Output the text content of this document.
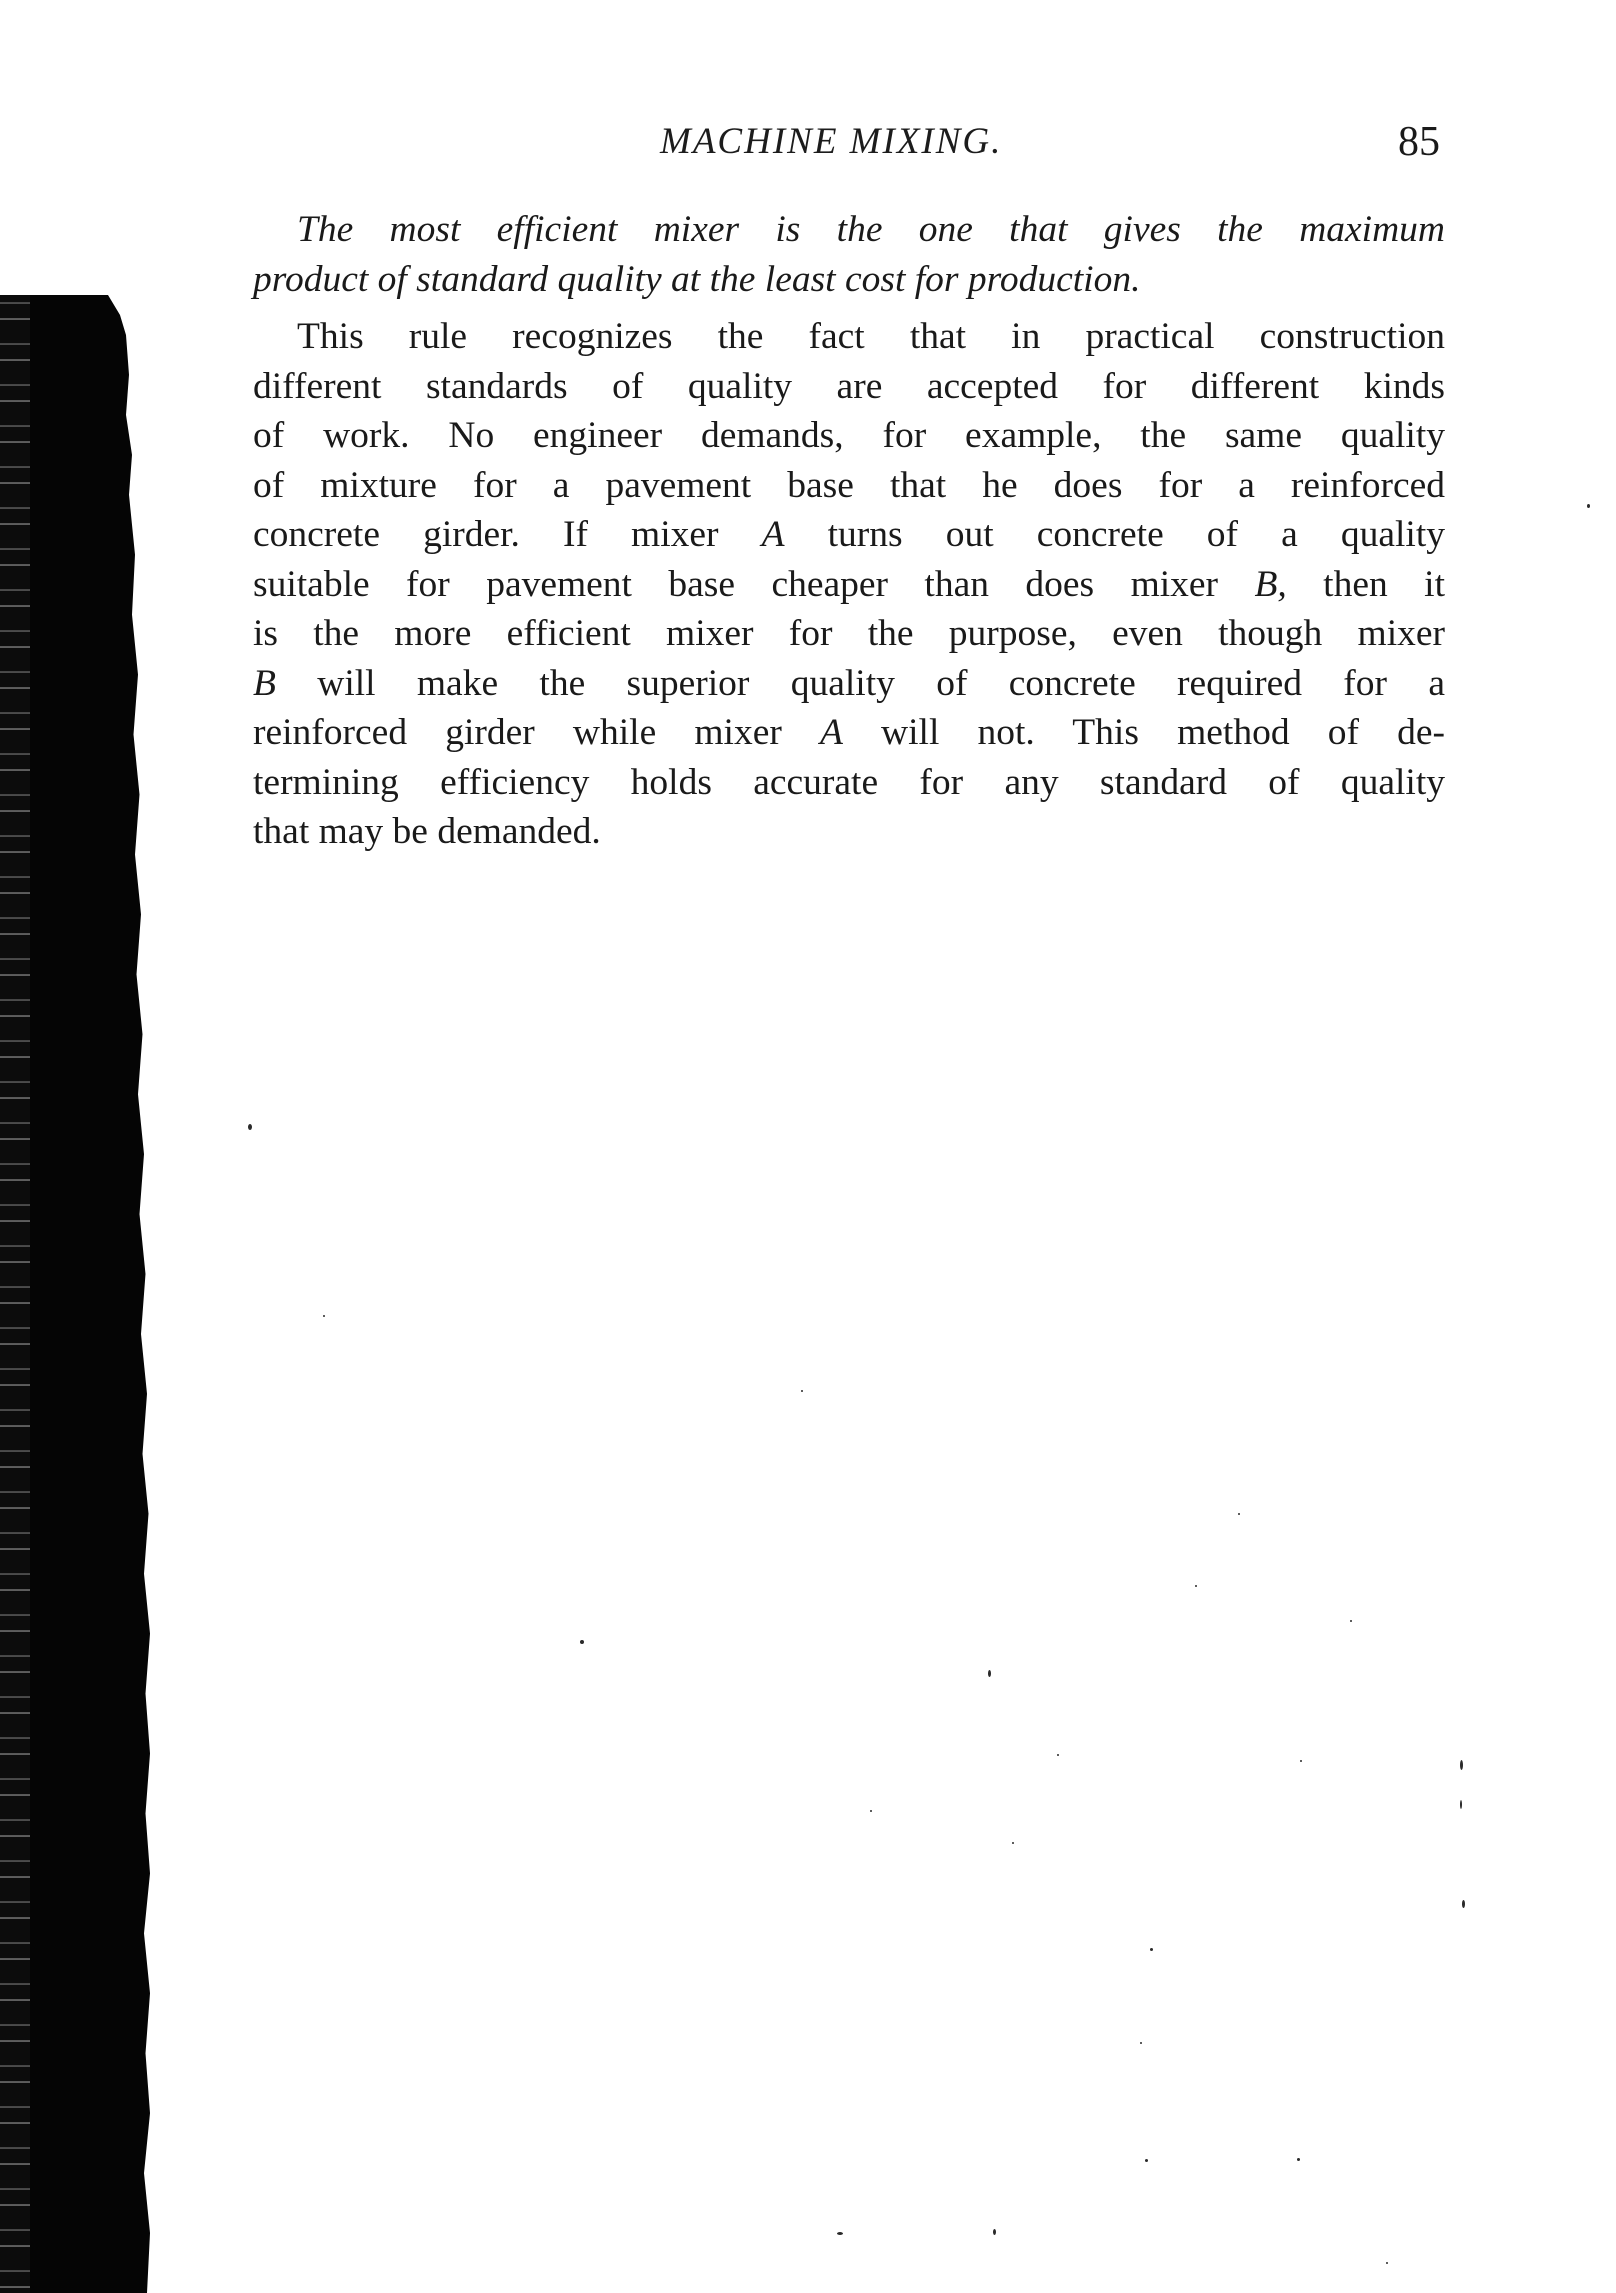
MACHINE MIXING.	85
The most efficient mixer is the one that gives the maximum
product of standard quality at the least cost for production.
This rule recognizes the fact that in practical construction
different standards of quality are accepted for different kinds
of work. No engineer demands, for example, the same quality
of mixture for a pavement base that he does for a reinforced
concrete girder. If mixer A turns out concrete of a quality
suitable for pavement base cheaper than does mixer B, then it
is the more efficient mixer for the purpose, even though mixer
B will make the superior quality of concrete required for a
reinforced girder while mixer A will not. This method of de-
termining efficiency holds accurate for any standard of quality
that may be demanded.
